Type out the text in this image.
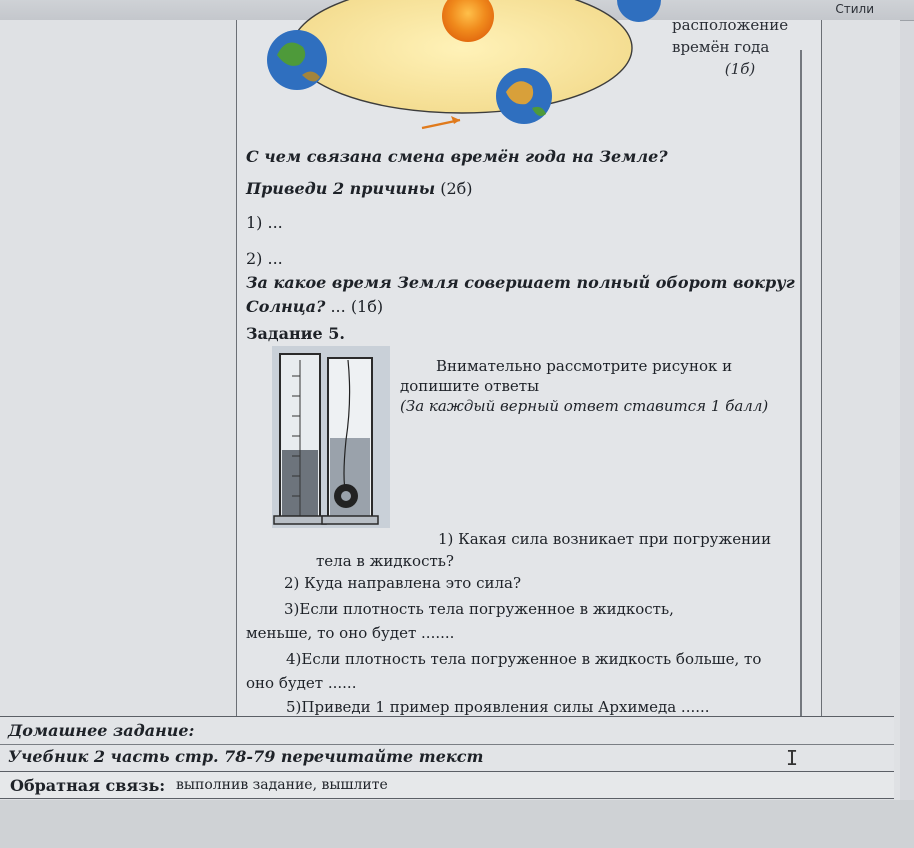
Стили
расположение
времён года
(1б)
С чем связана смена времён года на Земле?
Приведи 2 причины (2б)
1) ...
2) ...
За какое время Земля совершает полный оборот вокруг
Солнца? ... (1б)
Задание 5.
Внимательно рассмотрите рисунок и допишите ответы
(За каждый верный ответ ставится 1 балл)
1) Какая сила возникает при погружении
тела в жидкость?
2) Куда направлена это сила?
3)Если плотность тела погруженное в жидкость,
меньше, то оно будет .......
4)Если плотность тела погруженное в жидкость больше, то
оно будет ......
5)Приведи 1 пример проявления силы Архимеда ......
Домашнее задание:
Учебник 2 часть стр. 78-79 перечитайте текст	I
Обратная связь: выполнив задание, вышлите
